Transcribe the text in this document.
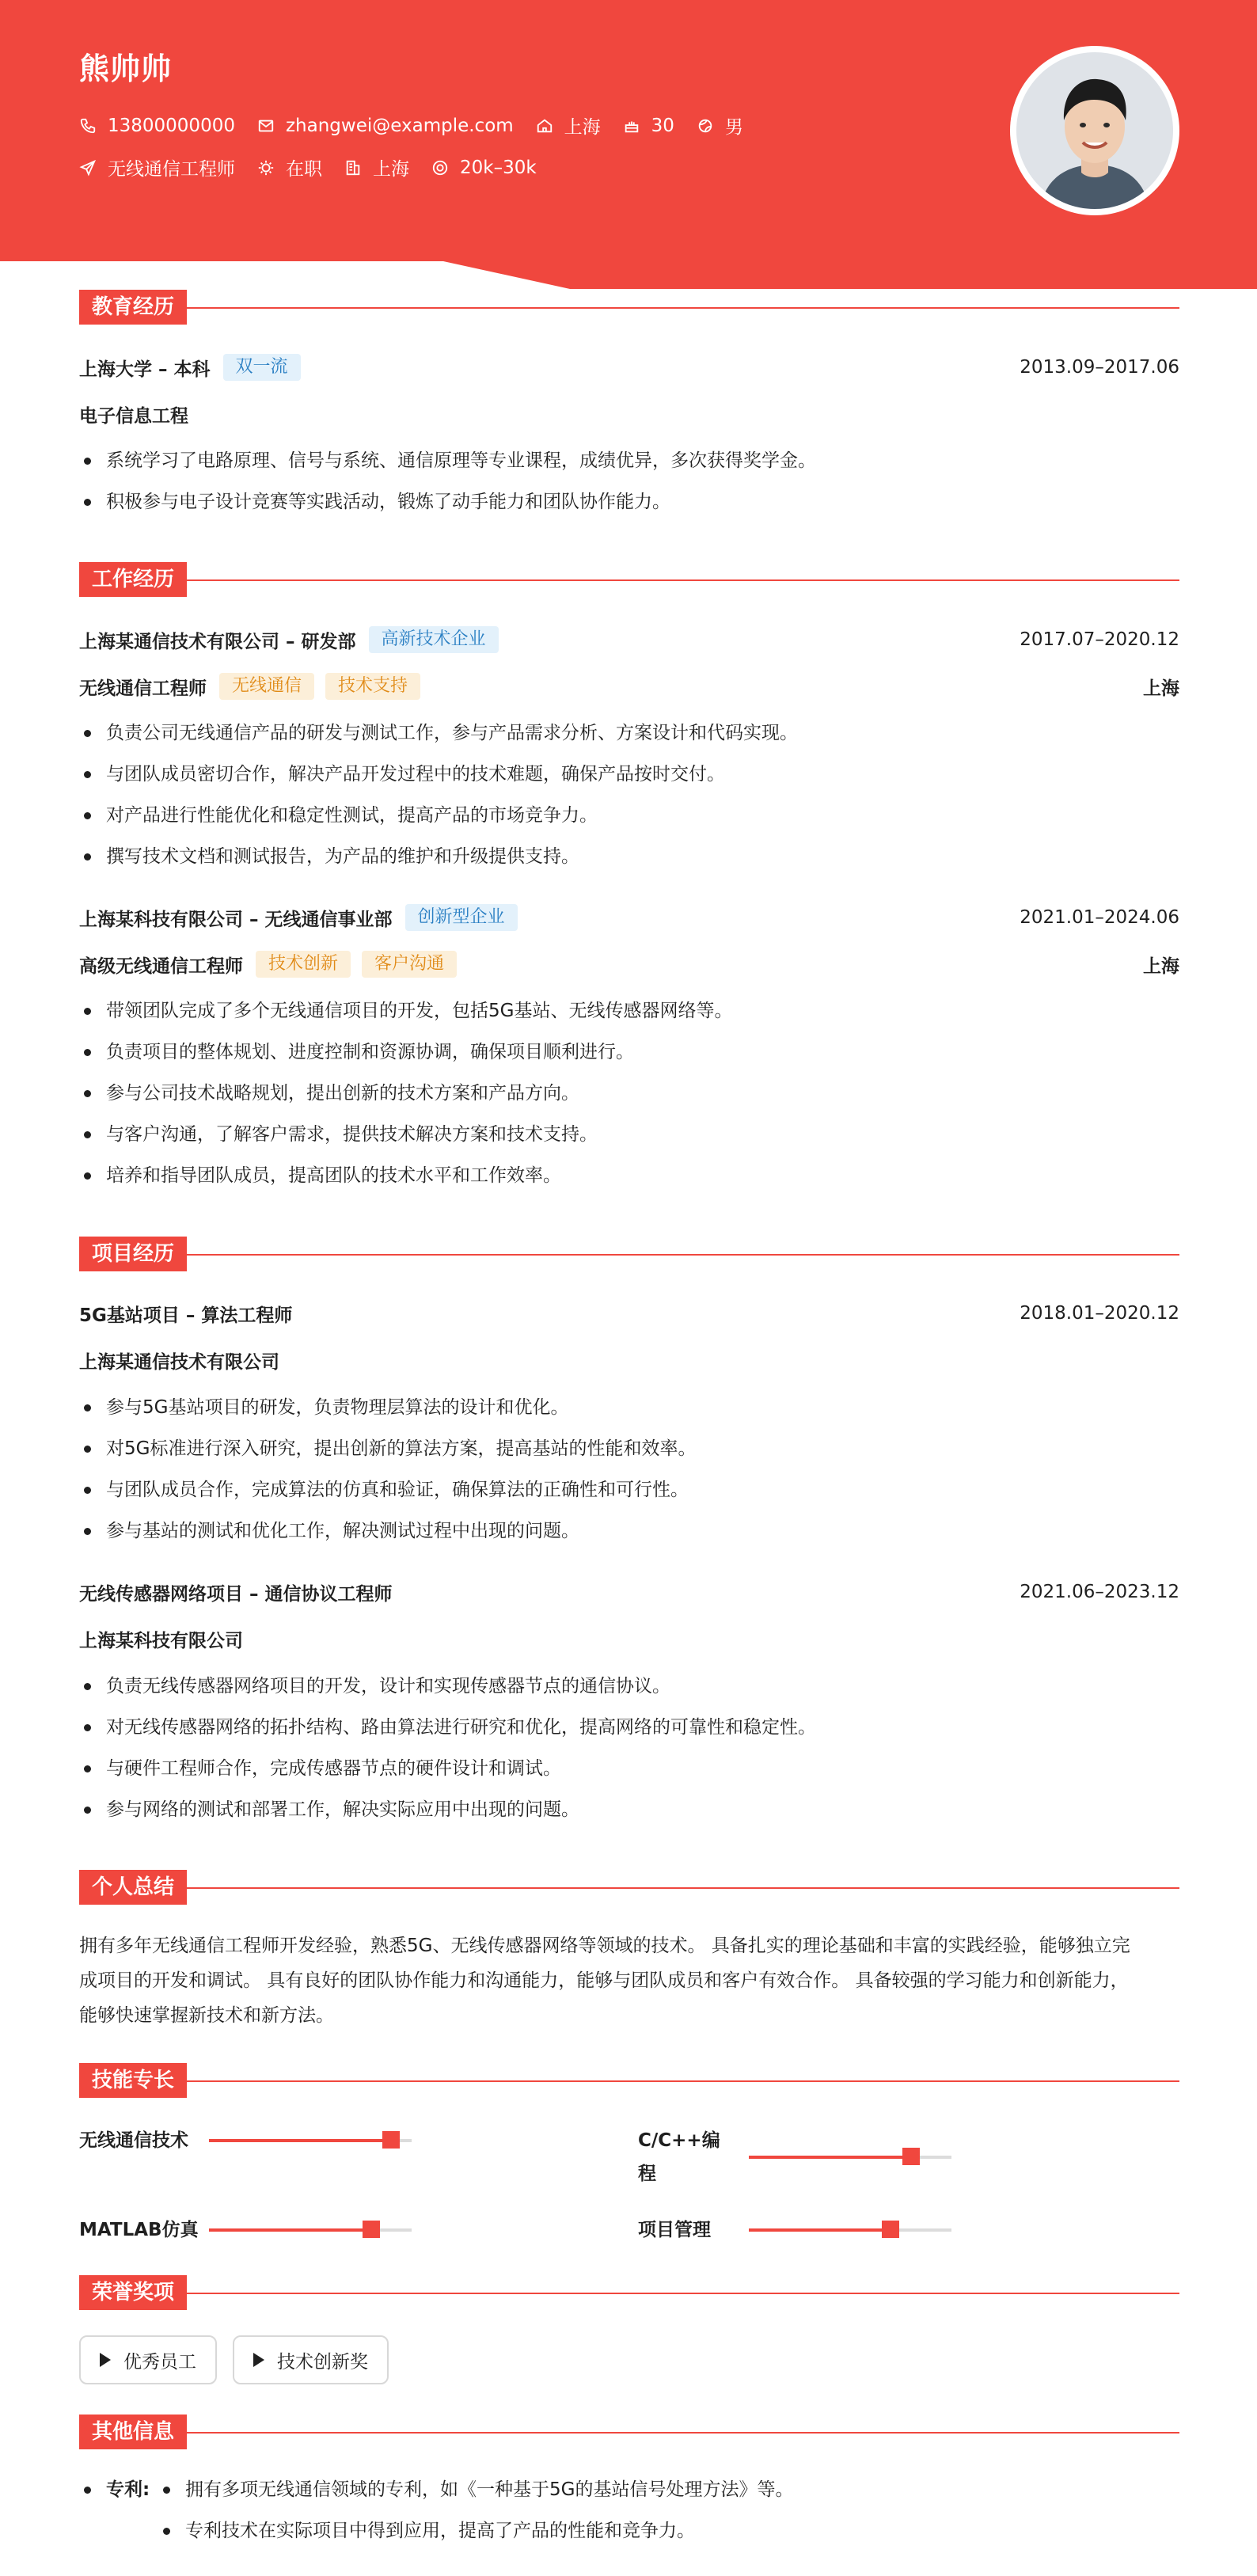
熊帅帅
13800000000	zhangwei@example.com	上海	30	男
无线通信工程师	在职	上海	20k–30k
教育经历
上海大学 – 本科	双一流	2013.09–2017.06
电子信息工程
系统学习了电路原理、信号与系统、通信原理等专业课程，成绩优异，多次获得奖学金。
积极参与电子设计竞赛等实践活动，锻炼了动手能力和团队协作能力。
工作经历
上海某通信技术有限公司 – 研发部	高新技术企业	2017.07–2020.12
无线通信工程师	无线通信	技术支持	上海
负责公司无线通信产品的研发与测试工作，参与产品需求分析、方案设计和代码实现。
与团队成员密切合作，解决产品开发过程中的技术难题，确保产品按时交付。
对产品进行性能优化和稳定性测试，提高产品的市场竞争力。
撰写技术文档和测试报告，为产品的维护和升级提供支持。
上海某科技有限公司 – 无线通信事业部	创新型企业	2021.01–2024.06
高级无线通信工程师	技术创新	客户沟通	上海
带领团队完成了多个无线通信项目的开发，包括5G基站、无线传感器网络等。
负责项目的整体规划、进度控制和资源协调，确保项目顺利进行。
参与公司技术战略规划，提出创新的技术方案和产品方向。
与客户沟通，了解客户需求，提供技术解决方案和技术支持。
培养和指导团队成员，提高团队的技术水平和工作效率。
项目经历
5G基站项目 – 算法工程师	2018.01–2020.12
上海某通信技术有限公司
参与5G基站项目的研发，负责物理层算法的设计和优化。
对5G标准进行深入研究，提出创新的算法方案，提高基站的性能和效率。
与团队成员合作，完成算法的仿真和验证，确保算法的正确性和可行性。
参与基站的测试和优化工作，解决测试过程中出现的问题。
无线传感器网络项目 – 通信协议工程师	2021.06–2023.12
上海某科技有限公司
负责无线传感器网络项目的开发，设计和实现传感器节点的通信协议。
对无线传感器网络的拓扑结构、路由算法进行研究和优化，提高网络的可靠性和稳定性。
与硬件工程师合作，完成传感器节点的硬件设计和调试。
参与网络的测试和部署工作，解决实际应用中出现的问题。
个人总结
拥有多年无线通信工程师开发经验，熟悉5G、无线传感器网络等领域的技术。 具备扎实的理论基础和丰富的实践经验，能够独立完
成项目的开发和调试。 具有良好的团队协作能力和沟通能力，能够与团队成员和客户有效合作。 具备较强的学习能力和创新能力，
能够快速掌握新技术和新方法。
技能专长
无线通信技术	C/C++编
程
MATLAB仿真	项目管理
荣誉奖项
优秀员工	技术创新奖
其他信息
专利:	拥有多项无线通信领域的专利，如《一种基于5G的基站信号处理方法》等。
专利技术在实际项目中得到应用，提高了产品的性能和竞争力。
